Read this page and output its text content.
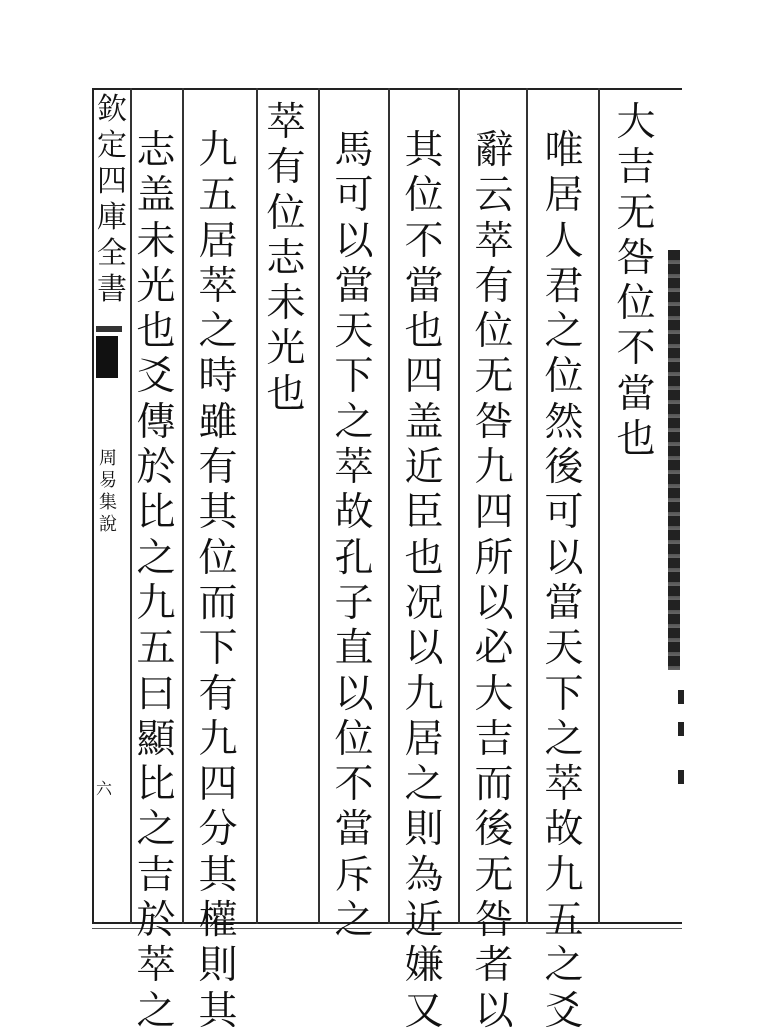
欽
定
四
庫
全
書
周
易
集
說
六
大
吉
无
咎
位
不
當
也
唯
居
人
君
之
位
然
後
可
以
當
天
下
之
萃
故
九
五
之
爻
辭
云
萃
有
位
无
咎
九
四
所
以
必
大
吉
而
後
无
咎
者
以
其
位
不
當
也
四
盖
近
臣
也
况
以
九
居
之
則
為
近
嫌
又
馬
可
以
當
天
下
之
萃
故
孔
子
直
以
位
不
當
斥
之
萃
有
位
志
未
光
也
九
五
居
萃
之
時
雖
有
其
位
而
下
有
九
四
分
其
權
則
其
志
盖
未
光
也
爻
傳
於
比
之
九
五
曰
顯
比
之
吉
於
萃
之
